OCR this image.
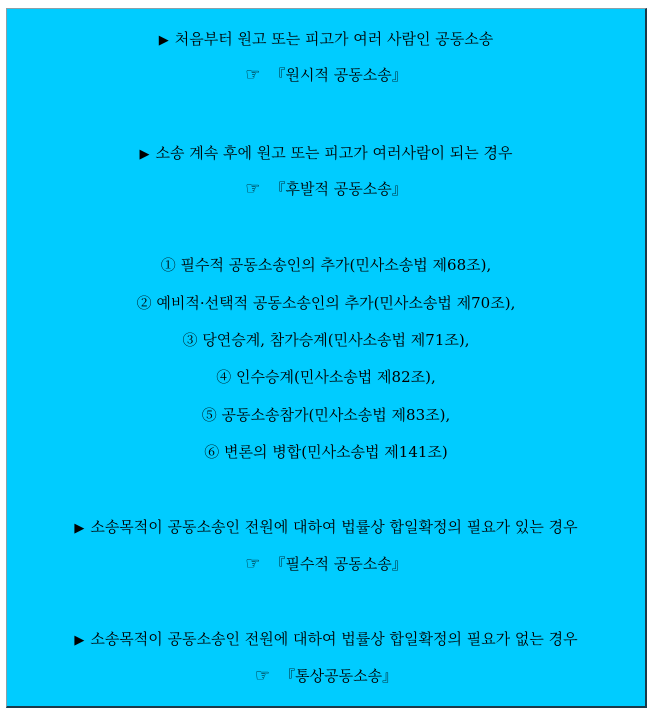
▶ 처음부터 원고 또는 피고가 여러 사람인 공동소송
☞ 『원시적 공동소송』
▶ 소송 계속 후에 원고 또는 피고가 여러사람이 되는 경우
☞ 『후발적 공동소송』
① 필수적 공동소송인의 추가(민사소송법 제68조),
② 예비적·선택적 공동소송인의 추가(민사소송법 제70조),
③ 당연승계, 참가승계(민사소송법 제71조),
④ 인수승계(민사소송법 제82조),
⑤ 공동소송참가(민사소송법 제83조),
⑥ 변론의 병합(민사소송법 제141조)
▶ 소송목적이 공동소송인 전원에 대하여 법률상 합일확정의 필요가 있는 경우
☞ 『필수적 공동소송』
▶ 소송목적이 공동소송인 전원에 대하여 법률상 합일확정의 필요가 없는 경우
☞ 『통상공동소송』
